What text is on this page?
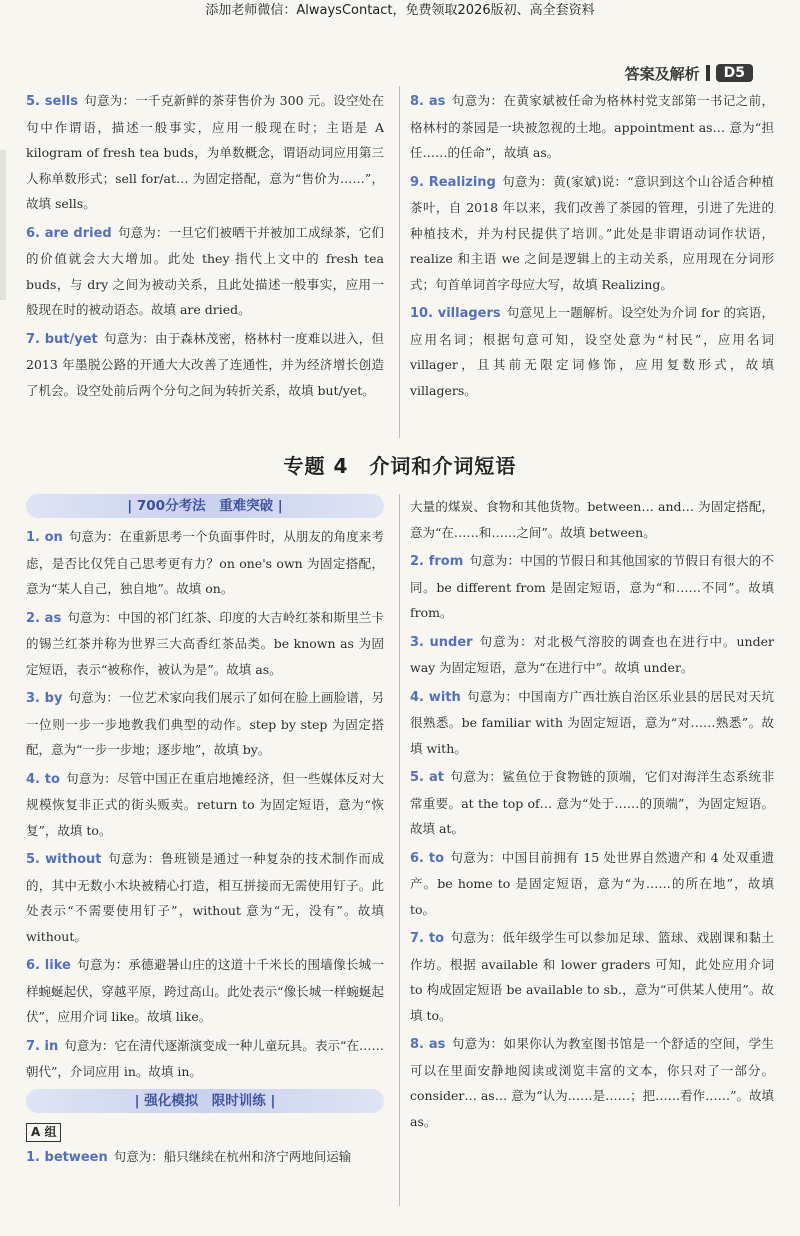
添加老师微信：AlwaysContact，免费领取2026版初、高全套资料
答案及解析	D5

5. sells 句意为：一千克新鲜的茶芽售价为 300 元。设空处在句中作谓语，描述一般事实，应用一般现在时；主语是 A kilogram of fresh tea buds，为单数概念，谓语动词应用第三人称单数形式；sell for/at… 为固定搭配，意为“售价为……”，故填 sells。

6. are dried 句意为：一旦它们被晒干并被加工成绿茶，它们的价值就会大大增加。此处 they 指代上文中的 fresh tea buds，与 dry 之间为被动关系，且此处描述一般事实，应用一般现在时的被动语态。故填 are dried。

7. but/yet 句意为：由于森林茂密，格林村一度难以进入，但 2013 年墨脱公路的开通大大改善了连通性，并为经济增长创造了机会。设空处前后两个分句之间为转折关系，故填 but/yet。

8. as 句意为：在黄家斌被任命为格林村党支部第一书记之前，格林村的茶园是一块被忽视的土地。appointment as… 意为“担任……的任命”，故填 as。

9. Realizing 句意为：黄(家斌)说：“意识到这个山谷适合种植茶叶，自 2018 年以来，我们改善了茶园的管理，引进了先进的种植技术，并为村民提供了培训。”此处是非谓语动词作状语，realize 和主语 we 之间是逻辑上的主动关系，应用现在分词形式；句首单词首字母应大写，故填 Realizing。

10. villagers 句意见上一题解析。设空处为介词 for 的宾语，应用名词；根据句意可知，设空处意为“村民”，应用名词 villager，且其前无限定词修饰，应用复数形式，故填 villagers。

专题 4　介词和介词短语
| 700分考法　重难突破 |

1. on 句意为：在重新思考一个负面事件时，从朋友的角度来考虑，是否比仅凭自己思考更有力？on one's own 为固定搭配，意为“某人自己，独自地”。故填 on。

2. as 句意为：中国的祁门红茶、印度的大吉岭红茶和斯里兰卡的锡兰红茶并称为世界三大高香红茶品类。be known as 为固定短语，表示“被称作，被认为是”。故填 as。

3. by 句意为：一位艺术家向我们展示了如何在脸上画脸谱，另一位则一步一步地教我们典型的动作。step by step 为固定搭配，意为“一步一步地；逐步地”，故填 by。

4. to 句意为：尽管中国正在重启地摊经济，但一些媒体反对大规模恢复非正式的街头贩卖。return to 为固定短语，意为“恢复”，故填 to。

5. without 句意为：鲁班锁是通过一种复杂的技术制作而成的，其中无数小木块被精心打造，相互拼接而无需使用钉子。此处表示“不需要使用钉子”，without 意为“无，没有”。故填 without。

6. like 句意为：承德避暑山庄的这道十千米长的围墙像长城一样蜿蜒起伏，穿越平原，跨过高山。此处表示“像长城一样蜿蜒起伏”，应用介词 like。故填 like。

7. in 句意为：它在清代逐渐演变成一种儿童玩具。表示“在……朝代”，介词应用 in。故填 in。

| 强化模拟　限时训练 |
A 组

1. between 句意为：船只继续在杭州和济宁两地间运输

大量的煤炭、食物和其他货物。between… and… 为固定搭配，意为“在……和……之间”。故填 between。

2. from 句意为：中国的节假日和其他国家的节假日有很大的不同。be different from 是固定短语，意为“和……不同”。故填 from。

3. under 句意为：对北极气溶胶的调查也在进行中。under way 为固定短语，意为“在进行中”。故填 under。

4. with 句意为：中国南方广西壮族自治区乐业县的居民对天坑很熟悉。be familiar with 为固定短语，意为“对……熟悉”。故填 with。

5. at 句意为：鲨鱼位于食物链的顶端，它们对海洋生态系统非常重要。at the top of… 意为“处于……的顶端”，为固定短语。故填 at。

6. to 句意为：中国目前拥有 15 处世界自然遗产和 4 处双重遗产。be home to 是固定短语，意为“为……的所在地”，故填 to。

7. to 句意为：低年级学生可以参加足球、篮球、戏剧课和黏土作坊。根据 available 和 lower graders 可知，此处应用介词 to 构成固定短语 be available to sb.，意为“可供某人使用”。故填 to。

8. as 句意为：如果你认为教室图书馆是一个舒适的空间，学生可以在里面安静地阅读或浏览丰富的文本，你只对了一部分。consider… as… 意为“认为……是……；把……看作……”。故填 as。
